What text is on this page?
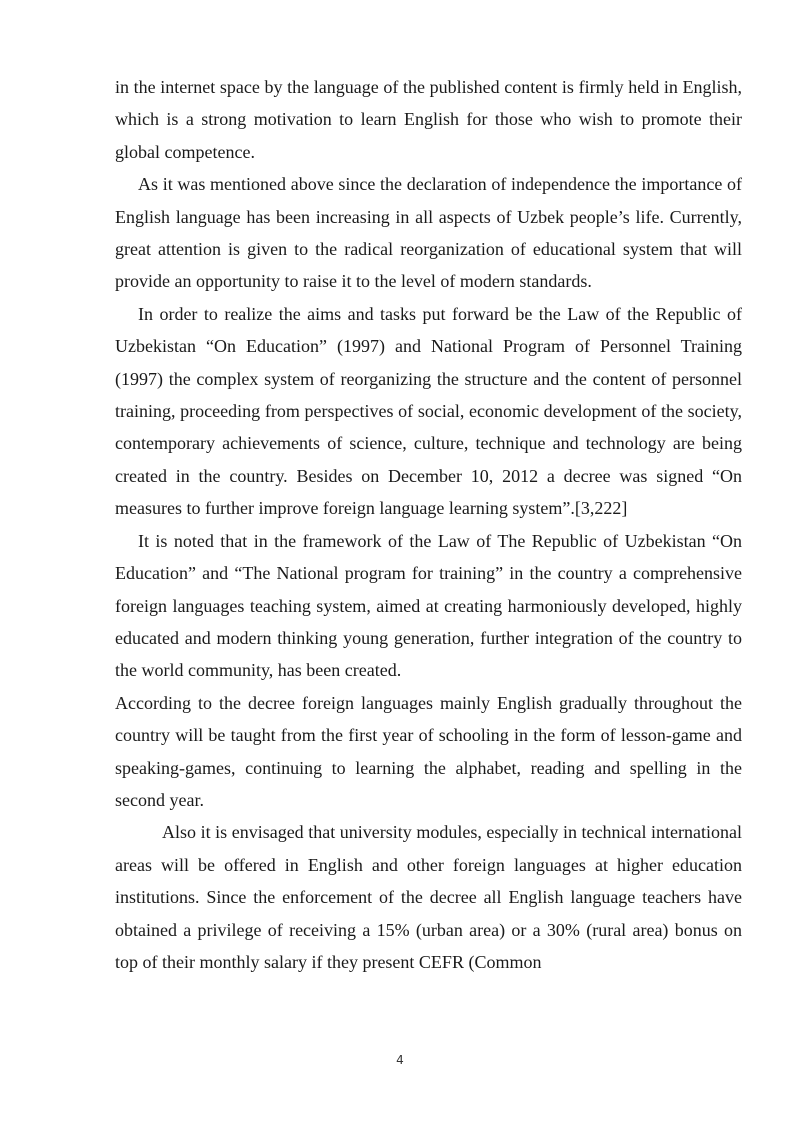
in the internet space by the language of the published content is firmly held in English, which is a strong motivation to learn English for those who wish to promote their global competence.

As it was mentioned above since the declaration of independence the importance of English language has been increasing in all aspects of Uzbek people’s life. Currently, great attention is given to the radical reorganization of educational system that will provide an opportunity to raise it to the level of modern standards.

In order to realize the aims and tasks put forward be the Law of the Republic of Uzbekistan “On Education” (1997) and National Program of Personnel Training (1997) the complex system of reorganizing the structure and the content of personnel training, proceeding from perspectives of social, economic development of the society, contemporary achievements of science, culture, technique and technology are being created in the country. Besides on December 10, 2012 a decree was signed “On measures to further improve foreign language learning system”.[3,222]

It is noted that in the framework of the Law of The Republic of Uzbekistan “On Education” and “The National program for training” in the country a comprehensive foreign languages teaching system, aimed at creating harmoniously developed, highly educated and modern thinking young generation, further integration of the country to the world community, has been created.

According to the decree foreign languages mainly English gradually throughout the country will be taught from the first year of schooling in the form of lesson-game and speaking-games, continuing to learning the alphabet, reading and spelling in the second year.

Also it is envisaged that university modules, especially in technical international areas will be offered in English and other foreign languages at higher education institutions. Since the enforcement of the decree all English language teachers have obtained a privilege of receiving a 15% (urban area) or a 30% (rural area) bonus on top of their monthly salary if they present CEFR (Common

4
